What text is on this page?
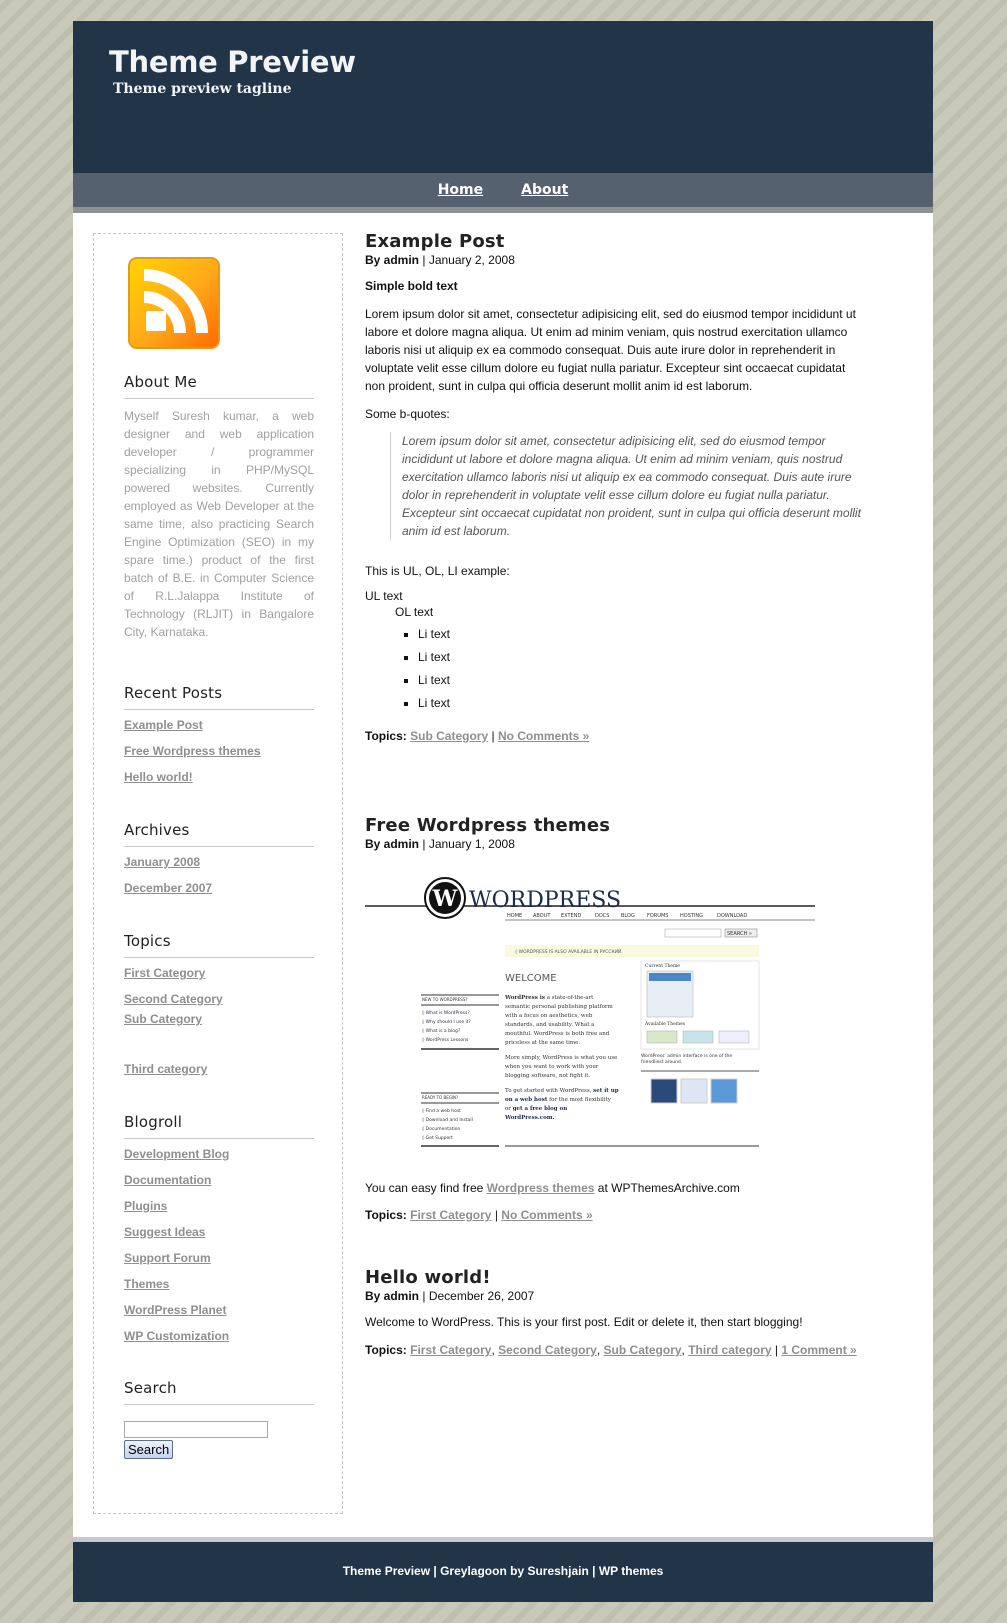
Theme Preview
Theme preview tagline
Home	About
About Me

Myself Suresh kumar, a web designer and web application developer / programmer specializing in PHP/MySQL powered websites. Currently employed as Web Developer at the same time, also practicing Search Engine Optimization (SEO) in my spare time.) product of the first batch of B.E. in Computer Science of R.L.Jalappa Institute of Technology (RLJIT) in Bangalore City, Karnataka.

Recent Posts
Example Post
Free Wordpress themes
Hello world!
Archives
January 2008
December 2007
Topics
First Category
Second Category
Sub Category
Third category
Blogroll
Development Blog
Documentation
Plugins
Suggest Ideas
Support Forum
Themes
WordPress Planet
WP Customization
Search
Search
Example Post
By admin | January 2, 2008

Simple bold text

Lorem ipsum dolor sit amet, consectetur adipisicing elit, sed do eiusmod tempor incididunt ut labore et dolore magna aliqua. Ut enim ad minim veniam, quis nostrud exercitation ullamco laboris nisi ut aliquip ex ea commodo consequat. Duis aute irure dolor in reprehenderit in voluptate velit esse cillum dolore eu fugiat nulla pariatur. Excepteur sint occaecat cupidatat non proident, sunt in culpa qui officia deserunt mollit anim id est laborum.

Some b-quotes:

Lorem ipsum dolor sit amet, consectetur adipisicing elit, sed do eiusmod tempor incididunt ut labore et dolore magna aliqua. Ut enim ad minim veniam, quis nostrud exercitation ullamco laboris nisi ut aliquip ex ea commodo consequat. Duis aute irure dolor in reprehenderit in voluptate velit esse cillum dolore eu fugiat nulla pariatur. Excepteur sint occaecat cupidatat non proident, sunt in culpa qui officia deserunt mollit anim id est laborum.

This is UL, OL, LI example:

UL text
OL text
▪ Li text
▪ Li text
▪ Li text
▪ Li text

Topics: Sub Category | No Comments »

Free Wordpress themes
By admin | January 1, 2008
W WORDPRESS
HOME ABOUT EXTEND	DOCS BLOG FORUMS HOSTING	DOWNLOAD
SEARCH »
◊ WORDPRESS IS ALSO AVAILABLE IN РУССКИЙ.
WELCOME
NEW TO WORDPRESS?
◊ What is WordPress?
◊ Why should I use it?
◊ What is a blog?
◊ WordPress Lessons
READY TO BEGIN?
◊ Find a web host
◊ Download and Install
◊ Documentation
◊ Get Support
WordPress is a state-of-the-art
semantic personal publishing platform
with a focus on aesthetics, web
standards, and usability. What a
mouthful. WordPress is both free and
priceless at the same time.
More simply, WordPress is what you use
when you want to work with your
blogging software, not fight it.
To get started with WordPress, set it up
on a web host for the most flexibility
or get a free blog on
WordPress.com.
Current Theme
Available Themes
WordPress' admin interface is one of the
friendliest around.

You can easy find free Wordpress themes at WPThemesArchive.com

Topics: First Category | No Comments »

Hello world!
By admin | December 26, 2007

Welcome to WordPress. This is your first post. Edit or delete it, then start blogging!

Topics: First Category, Second Category, Sub Category, Third category | 1 Comment »

Theme Preview | Greylagoon by Sureshjain | WP themes
